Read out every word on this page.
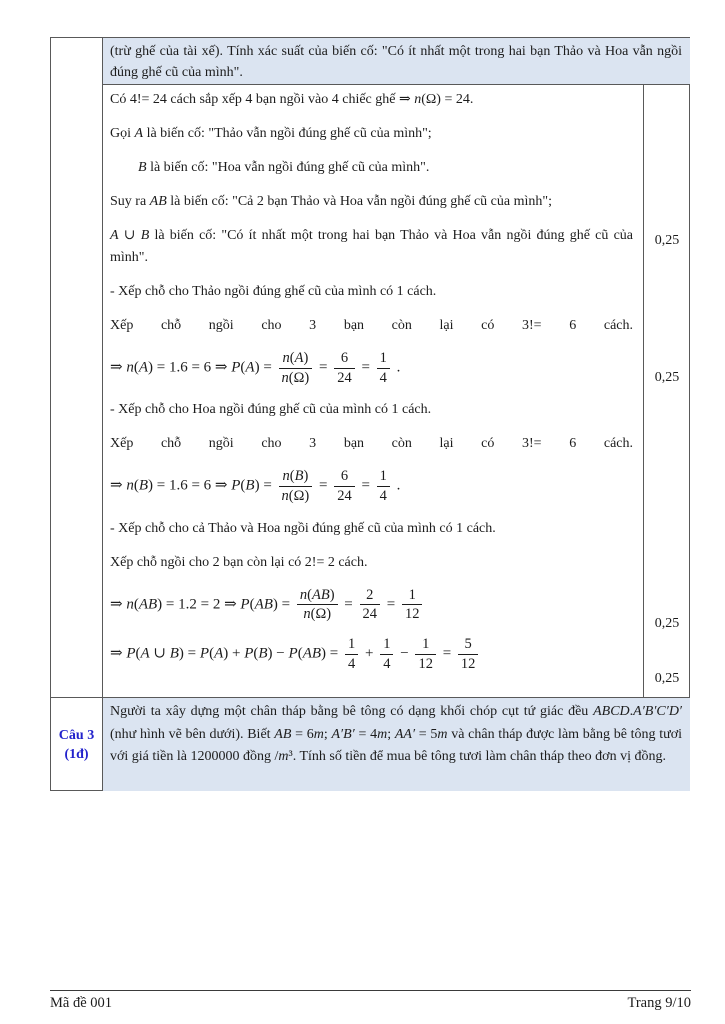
(trừ ghế của tài xế). Tính xác suất của biến cố: "Có ít nhất một trong hai bạn Thảo và Hoa vẫn ngồi đúng ghế cũ của mình".
Có 4!= 24 cách sắp xếp 4 bạn ngồi vào 4 chiếc ghế ⇒ n(Ω) = 24.
Gọi A là biến cố: "Thảo vẫn ngồi đúng ghế cũ của mình";
B là biến cố: "Hoa vẫn ngồi đúng ghế cũ của mình".
Suy ra AB là biến cố: "Cả 2 bạn Thảo và Hoa vẫn ngồi đúng ghế cũ của mình";
A ∪ B là biến cố: "Có ít nhất một trong hai bạn Thảo và Hoa vẫn ngồi đúng ghế cũ của mình".
- Xếp chỗ cho Thảo ngồi đúng ghế cũ của mình có 1 cách.
Xếp chỗ ngồi cho 3 bạn còn lại có 3!= 6 cách.
⇒ n(A) = 1.6 = 6 ⇒ $P(A) = \frac{n(A)}{n(\Omega)} = \frac{6}{24} = \frac{1}{4}$ .
- Xếp chỗ cho Hoa ngồi đúng ghế cũ của mình có 1 cách.
Xếp chỗ ngồi cho 3 bạn còn lại có 3!= 6 cách.
⇒ n(B) = 1.6 = 6 ⇒ $P(B) = \frac{n(B)}{n(\Omega)} = \frac{6}{24} = \frac{1}{4}$ .
- Xếp chỗ cho cả Thảo và Hoa ngồi đúng ghế cũ của mình có 1 cách.
Xếp chỗ ngồi cho 2 bạn còn lại có 2!= 2 cách.
⇒ n(AB) = 1.2 = 2 ⇒ $P(AB) = \frac{n(AB)}{n(\Omega)} = \frac{2}{24} = \frac{1}{12}$
⇒ P(A ∪ $B) = P(A) + P(B) - P(AB) = \frac{1}{4} + \frac{1}{4} - \frac{1}{12} = \frac{5}{12}$
0,25
0,25
0,25
0,25
Câu 3
(1đ)
Người ta xây dựng một chân tháp bằng bê tông có dạng khối chóp cụt tứ giác đều ABCD.A′B′C′D′ (như hình vẽ bên dưới). Biết AB = 6m; A′B′ = 4m; AA′ = 5m và chân tháp được làm bằng bê tông tươi với giá tiền là 1200000 đồng /m³. Tính số tiền để mua bê tông tươi làm chân tháp theo đơn vị đồng.
Mã đề 001	Trang 9/10
